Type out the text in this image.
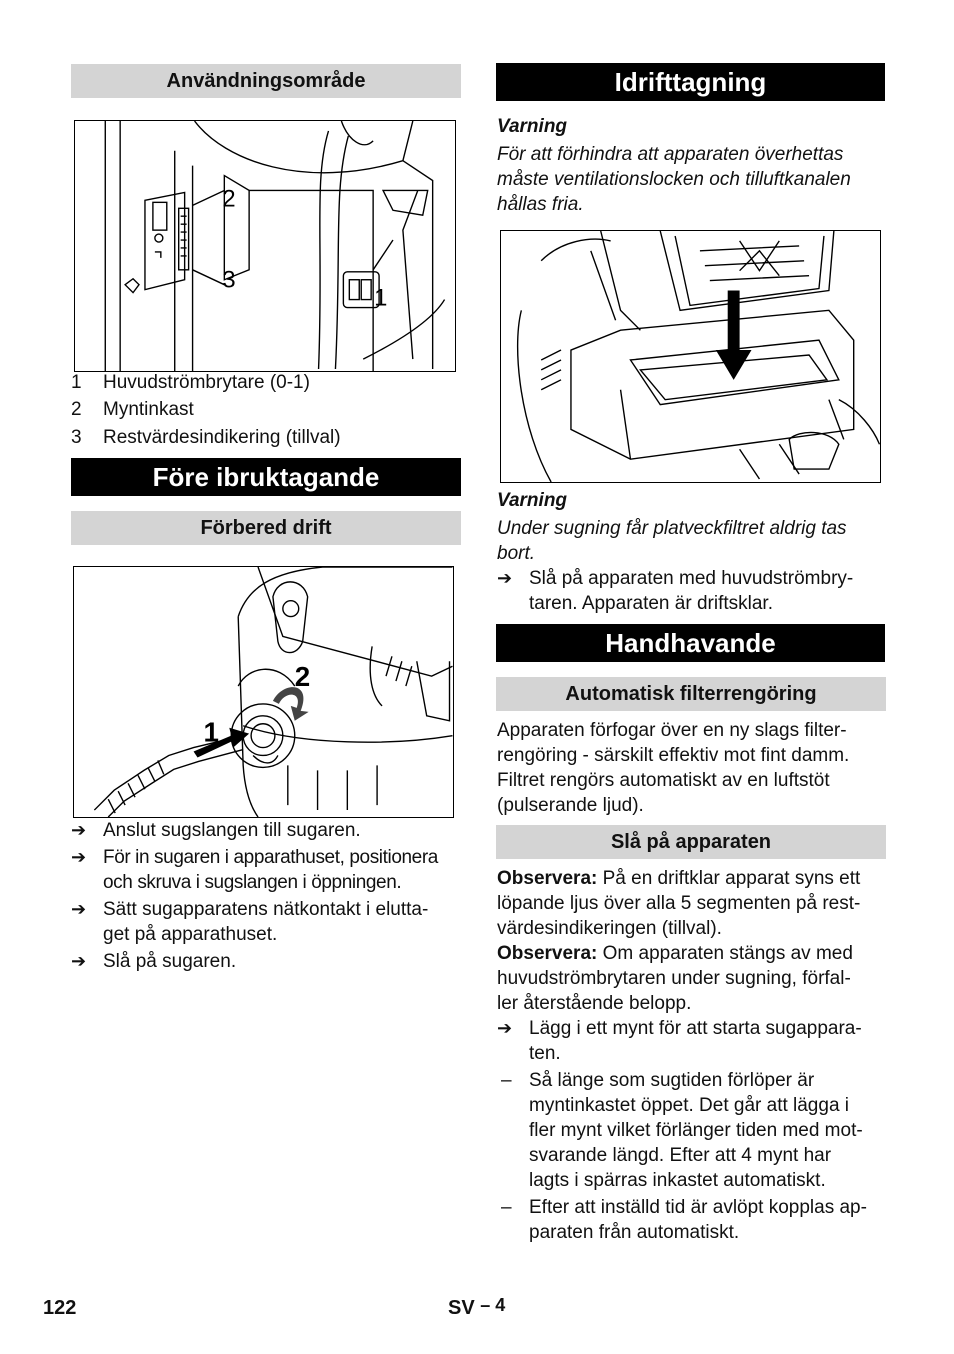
Användningsområde
2
3
1
1 Huvudströmbrytare (0-1)
2 Myntinkast
3 Restvärdesindikering (tillval)
Före ibruktagande
Förbered drift
1
2
➔ Anslut sugslangen till sugaren.
➔ För in sugaren i apparathuset, positionera
och skruva i sugslangen i öppningen.
➔ Sätt sugapparatens nätkontakt i elutta-
get på apparathuset.
➔ Slå på sugaren.
Idrifttagning
Varning
För att förhindra att apparaten överhettas
måste ventilationslocken och tilluftkanalen
hållas fria.
Varning
Under sugning får platveckfiltret aldrig tas
bort.
➔ Slå på apparaten med huvudströmbry-
taren. Apparaten är driftsklar.
Handhavande
Automatisk filterrengöring
Apparaten förfogar över en ny slags filter-
rengöring - särskilt effektiv mot fint damm.
Filtret rengörs automatiskt av en luftstöt
(pulserande ljud).
Slå på apparaten
Observera: På en driftklar apparat syns ett
löpande ljus över alla 5 segmenten på rest-
värdesindikeringen (tillval).
Observera: Om apparaten stängs av med
huvudströmbrytaren under sugning, förfal-
ler återstående belopp.
➔ Lägg i ett mynt för att starta sugappara-
ten.
– Så länge som sugtiden förlöper är
myntinkastet öppet. Det går att lägga i
fler mynt vilket förlänger tiden med mot-
svarande längd. Efter att 4 mynt har
lagts i spärras inkastet automatiskt.
– Efter att inställd tid är avlöpt kopplas ap-
paraten från automatiskt.
122	SV – 4
